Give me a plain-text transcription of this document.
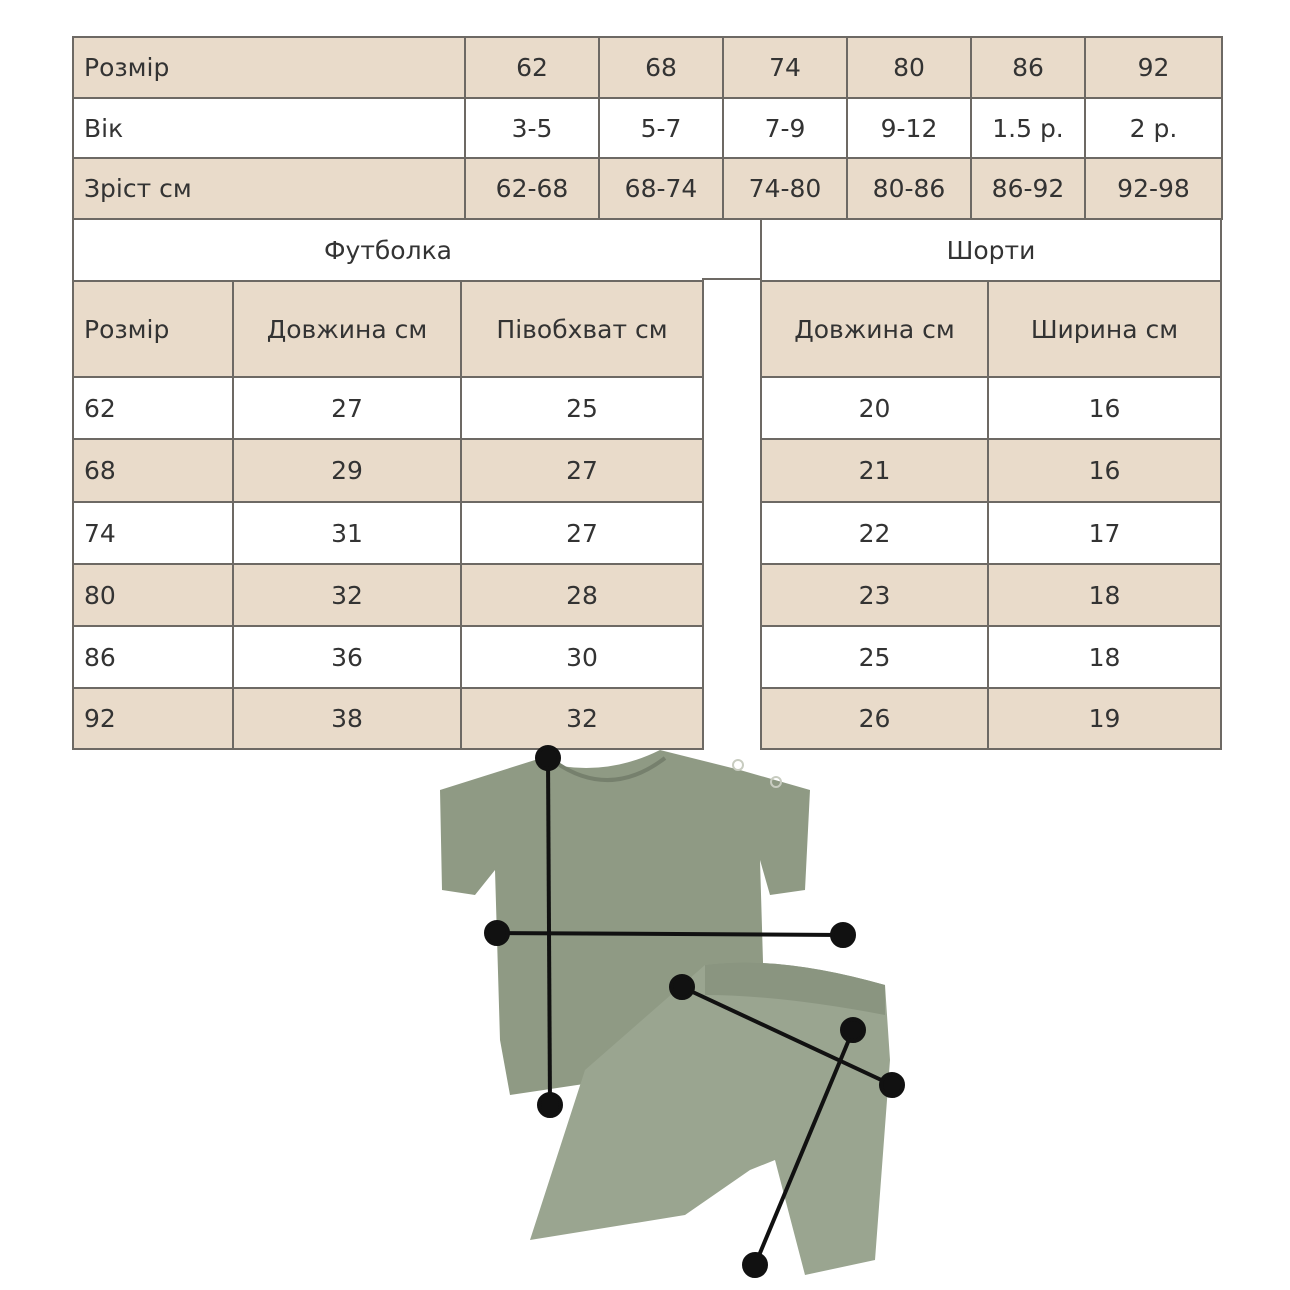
Розмір	62	68	74	80	86	92
Вік	3-5	5-7	7-9	9-12	1.5 р.	2 р.
Зріст см	62-68	68-74	74-80	80-86	86-92	92-98
Футболка		
Розмір	Довжина см	Півобхват см
62	27	25
68	29	27
74	31	27
80	32	28
86	36	30
92	38	32
Шорти	
Довжина см	Ширина см
20	16
21	16
22	17
23	18
25	18
26	19
